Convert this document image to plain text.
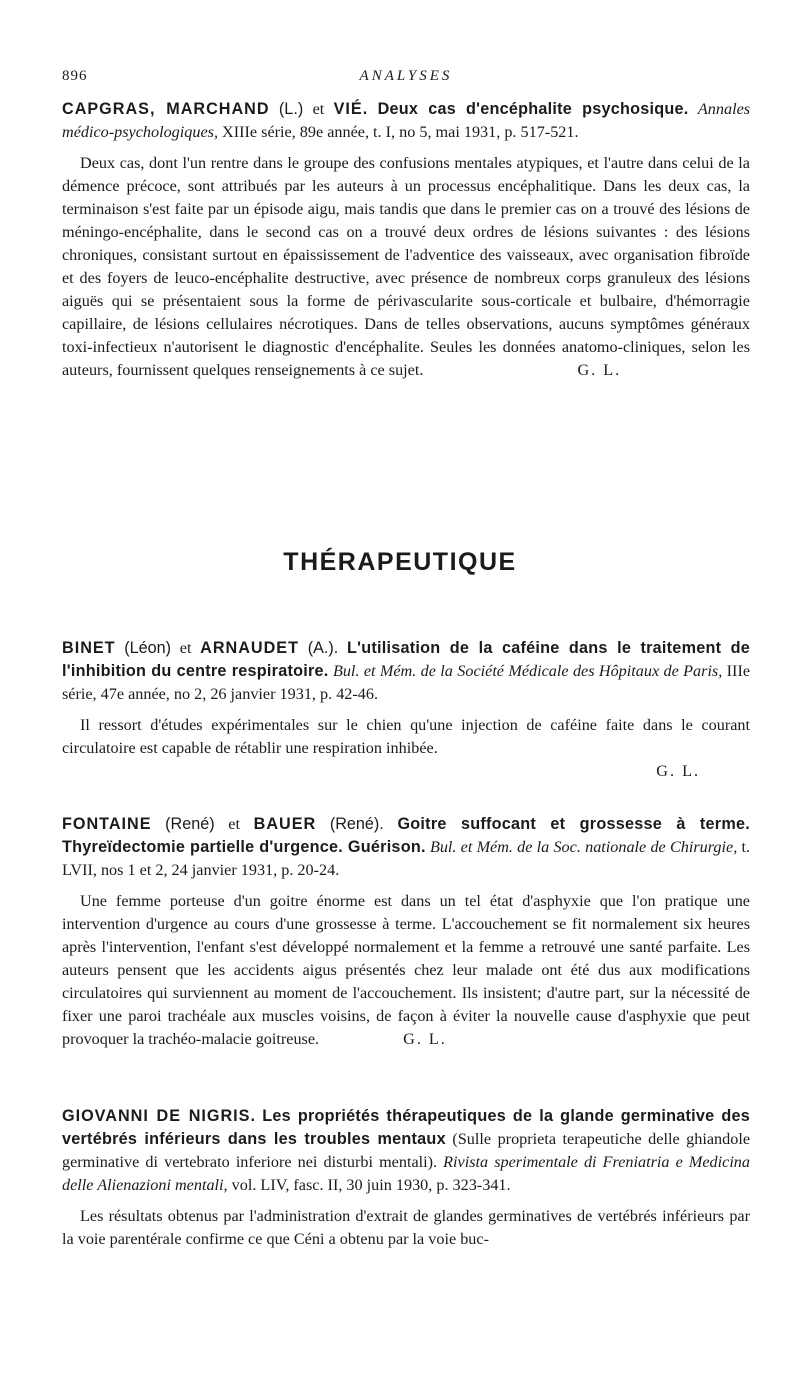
896	ANALYSES
CAPGRAS, MARCHAND (L.) et VIÉ. Deux cas d'encéphalite psychosique. Annales médico-psychologiques, XIIIe série, 89e année, t. I, no 5, mai 1931, p. 517-521.
Deux cas, dont l'un rentre dans le groupe des confusions mentales atypiques, et l'autre dans celui de la démence précoce, sont attribués par les auteurs à un processus encéphalitique. Dans les deux cas, la terminaison s'est faite par un épisode aigu, mais tandis que dans le premier cas on a trouvé des lésions de méningo-encéphalite, dans le second cas on a trouvé deux ordres de lésions suivantes : des lésions chroniques, consistant surtout en épaississement de l'adventice des vaisseaux, avec organisation fibroïde et des foyers de leuco-encéphalite destructive, avec présence de nombreux corps granuleux des lésions aiguës qui se présentaient sous la forme de périvascularite sous-corticale et bulbaire, d'hémorragie capillaire, de lésions cellulaires nécrotiques. Dans de telles observations, aucuns symptômes généraux toxi-infectieux n'autorisent le diagnostic d'encéphalite. Seules les données anatomo-cliniques, selon les auteurs, fournissent quelques renseignements à ce sujet.	G. L.
THÉRAPEUTIQUE
BINET (Léon) et ARNAUDET (A.). L'utilisation de la caféine dans le traitement de l'inhibition du centre respiratoire. Bul. et Mém. de la Société Médicale des Hôpitaux de Paris, IIIe série, 47e année, no 2, 26 janvier 1931, p. 42-46.
Il ressort d'études expérimentales sur le chien qu'une injection de caféine faite dans le courant circulatoire est capable de rétablir une respiration inhibée.
G. L.
FONTAINE (René) et BAUER (René). Goitre suffocant et grossesse à terme. Thyreïdectomie partielle d'urgence. Guérison. Bul. et Mém. de la Soc. nationale de Chirurgie, t. LVII, nos 1 et 2, 24 janvier 1931, p. 20-24.
Une femme porteuse d'un goitre énorme est dans un tel état d'asphyxie que l'on pratique une intervention d'urgence au cours d'une grossesse à terme. L'accouchement se fit normalement six heures après l'intervention, l'enfant s'est développé normalement et la femme a retrouvé une santé parfaite. Les auteurs pensent que les accidents aigus présentés chez leur malade ont été dus aux modifications circulatoires qui surviennent au moment de l'accouchement. Ils insistent; d'autre part, sur la nécessité de fixer une paroi trachéale aux muscles voisins, de façon à éviter la nouvelle cause d'asphyxie que peut provoquer la trachéo-malacie goitreuse.	G. L.
GIOVANNI DE NIGRIS. Les propriétés thérapeutiques de la glande germinative des vertébrés inférieurs dans les troubles mentaux (Sulle proprieta terapeutiche delle ghiandole germinative di vertebrato inferiore nei disturbi mentali). Rivista sperimentale di Freniatria e Medicina delle Alienazioni mentali, vol. LIV, fasc. II, 30 juin 1930, p. 323-341.
Les résultats obtenus par l'administration d'extrait de glandes germinatives de vertébrés inférieurs par la voie parentérale confirme ce que Céni a obtenu par la voie buc-
